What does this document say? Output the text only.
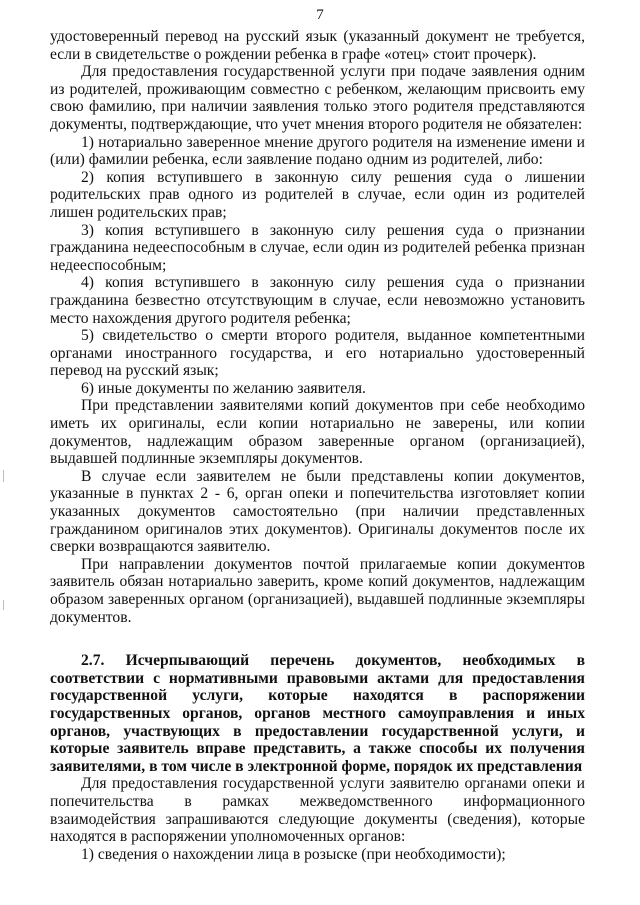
7

удостоверенный перевод на русский язык (указанный документ не требуется, если в свидетельстве о рождении ребенка в графе «отец» стоит прочерк).

Для предоставления государственной услуги при подаче заявления одним из родителей, проживающим совместно с ребенком, желающим присвоить ему свою фамилию, при наличии заявления только этого родителя представляются документы, подтверждающие, что учет мнения второго родителя не обязателен:

1) нотариально заверенное мнение другого родителя на изменение имени и (или) фамилии ребенка, если заявление подано одним из родителей, либо:

2) копия вступившего в законную силу решения суда о лишении родительских прав одного из родителей в случае, если один из родителей лишен родительских прав;

3) копия вступившего в законную силу решения суда о признании гражданина недееспособным в случае, если один из родителей ребенка признан недееспособным;

4) копия вступившего в законную силу решения суда о признании гражданина безвестно отсутствующим в случае, если невозможно установить место нахождения другого родителя ребенка;

5) свидетельство о смерти второго родителя, выданное компетентными органами иностранного государства, и его нотариально удостоверенный перевод на русский язык;

6) иные документы по желанию заявителя.

При представлении заявителями копий документов при себе необходимо иметь их оригиналы, если копии нотариально не заверены, или копии документов, надлежащим образом заверенные органом (организацией), выдавшей подлинные экземпляры документов.

В случае если заявителем не были представлены копии документов, указанные в пунктах 2 - 6, орган опеки и попечительства изготовляет копии указанных документов самостоятельно (при наличии представленных гражданином оригиналов этих документов). Оригиналы документов после их сверки возвращаются заявителю.

При направлении документов почтой прилагаемые копии документов заявитель обязан нотариально заверить, кроме копий документов, надлежащим образом заверенных органом (организацией), выдавшей подлинные экземпляры документов.

2.7. Исчерпывающий перечень документов, необходимых в соответствии с нормативными правовыми актами для предоставления государственной услуги, которые находятся в распоряжении государственных органов, органов местного самоуправления и иных органов, участвующих в предоставлении государственной услуги, и которые заявитель вправе представить, а также способы их получения заявителями, в том числе в электронной форме, порядок их представления

Для предоставления государственной услуги заявителю органами опеки и попечительства в рамках межведомственного информационного взаимодействия запрашиваются следующие документы (сведения), которые находятся в распоряжении уполномоченных органов:

1) сведения о нахождении лица в розыске (при необходимости);
